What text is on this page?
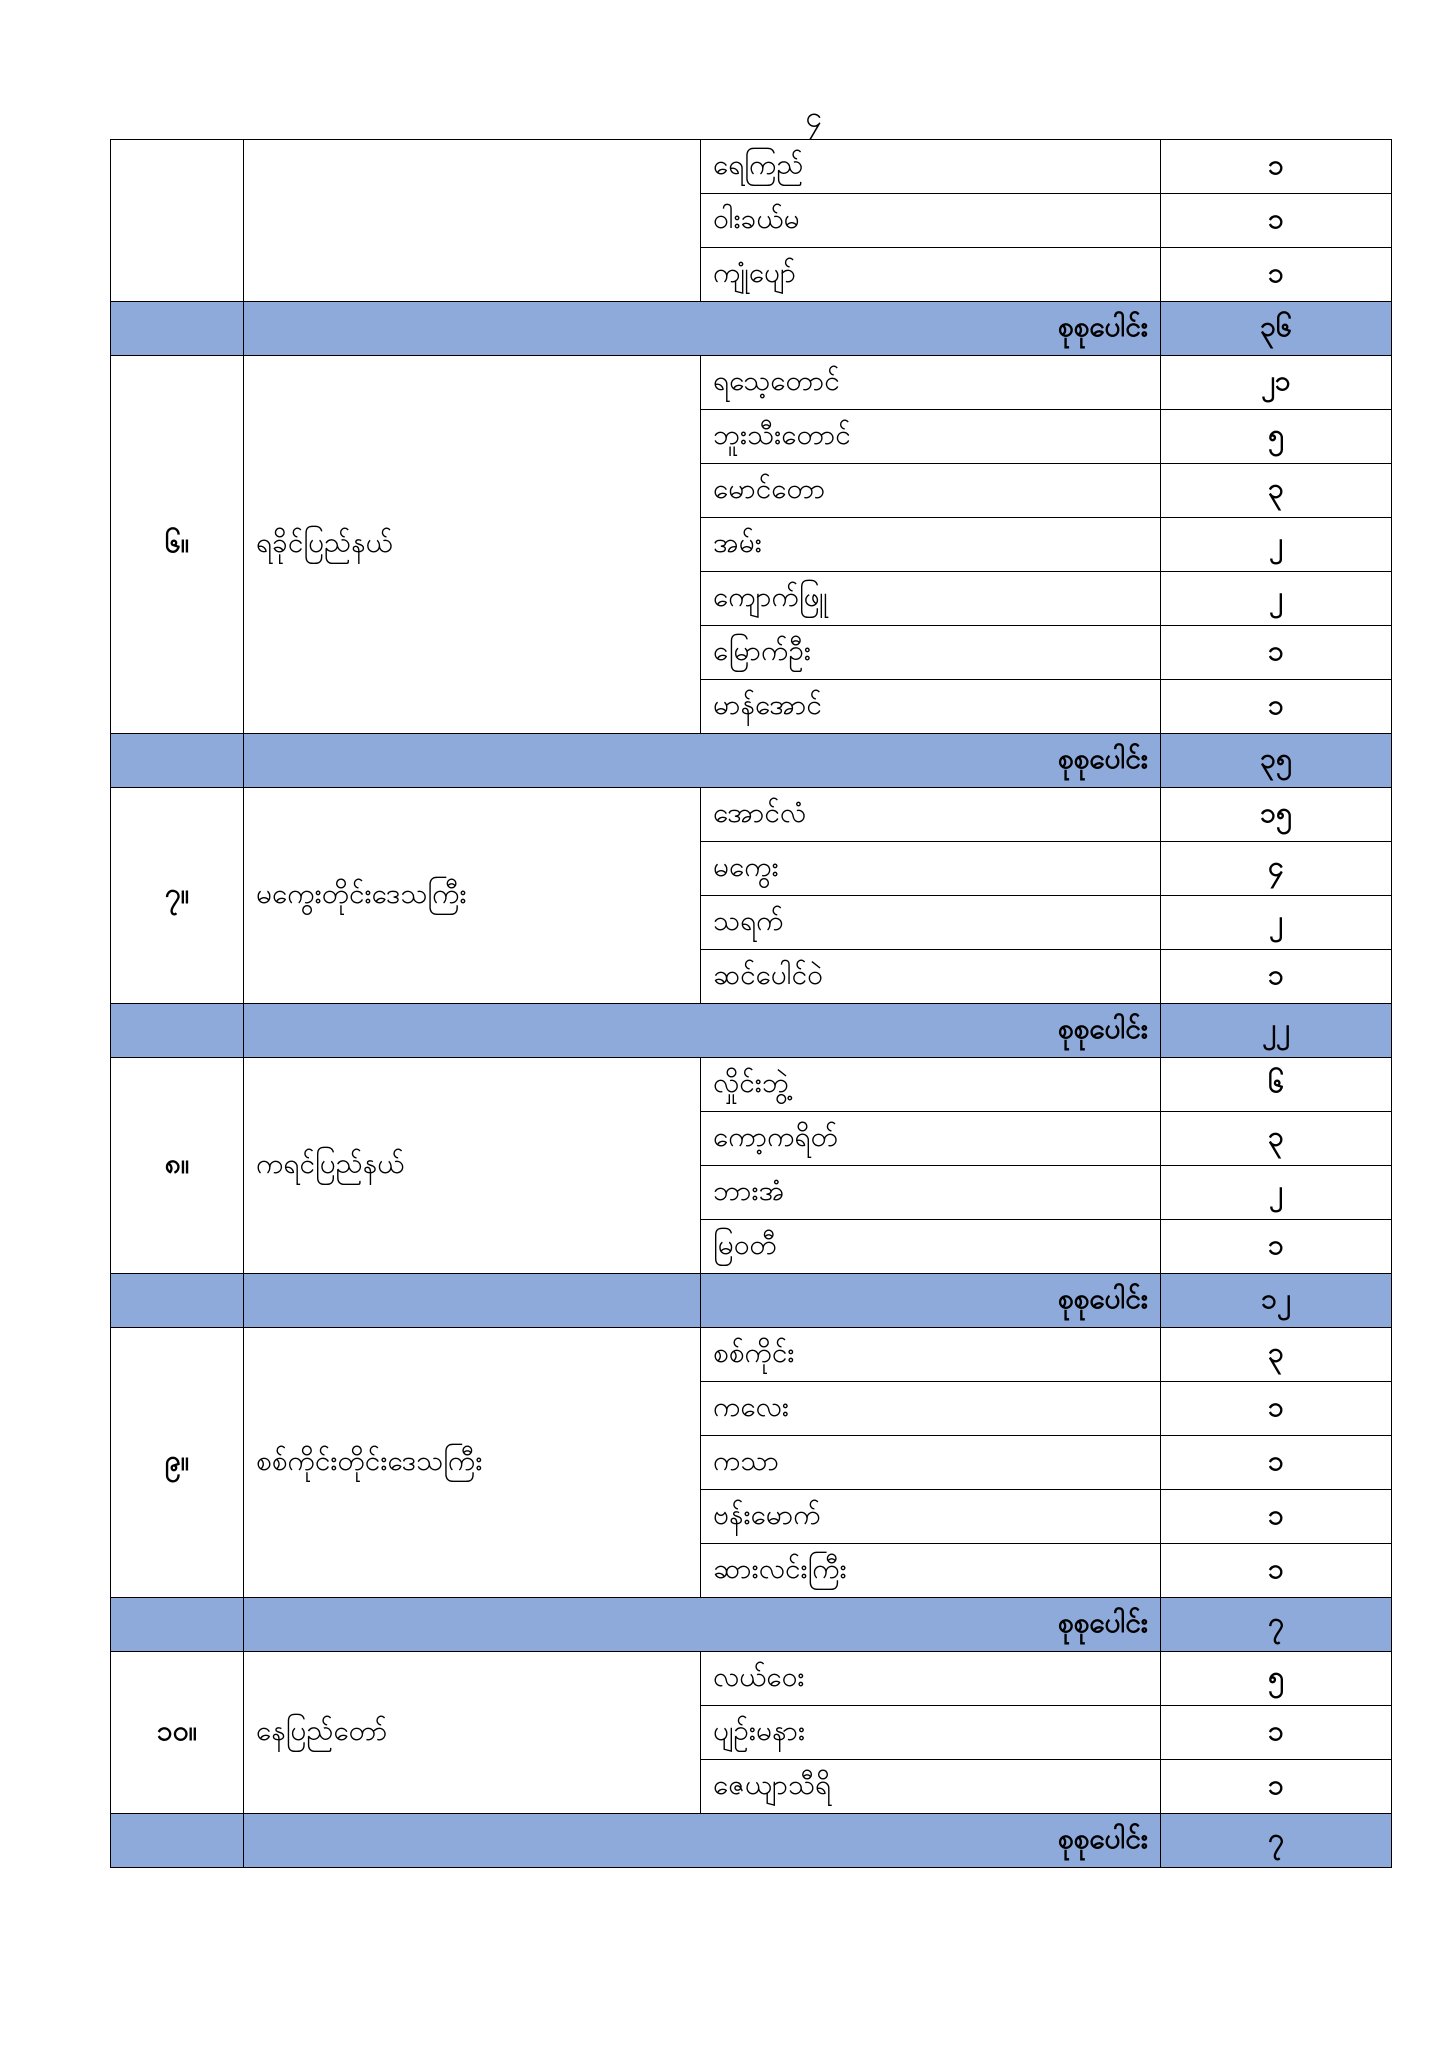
၄
		ရေကြည်	၁
		ဝါးခယ်မ	၁
		ကျုံပျော်	၁
	စုစုပေါင်း		၃၆
၆။	ရခိုင်ပြည်နယ်	ရသေ့တောင်	၂၁
		ဘူးသီးတောင်	၅
		မောင်တော	၃
		အမ်း	၂
		ကျောက်ဖြူ	၂
		မြောက်ဦး	၁
		မာန်အောင်	၁
	စုစုပေါင်း		၃၅
၇။	မကွေးတိုင်းဒေသကြီး	အောင်လံ	၁၅
		မကွေး	၄
		သရက်	၂
		ဆင်ပေါင်ဝဲ	၁
	စုစုပေါင်း		၂၂
၈။	ကရင်ပြည်နယ်	လှိုင်းဘွဲ့	၆
		ကော့ကရိတ်	၃
		ဘားအံ	၂
		မြဝတီ	၁
		စုစုပေါင်း	၁၂
၉။	စစ်ကိုင်းတိုင်းဒေသကြီး	စစ်ကိုင်း	၃
		ကလေး	၁
		ကသာ	၁
		ဗန်းမောက်	၁
		ဆားလင်းကြီး	၁
	စုစုပေါင်း		၇
၁၀။	နေပြည်တော်	လယ်ဝေး	၅
		ပျဉ်းမနား	၁
		ဇေယျာသီရိ	၁
	စုစုပေါင်း		၇
